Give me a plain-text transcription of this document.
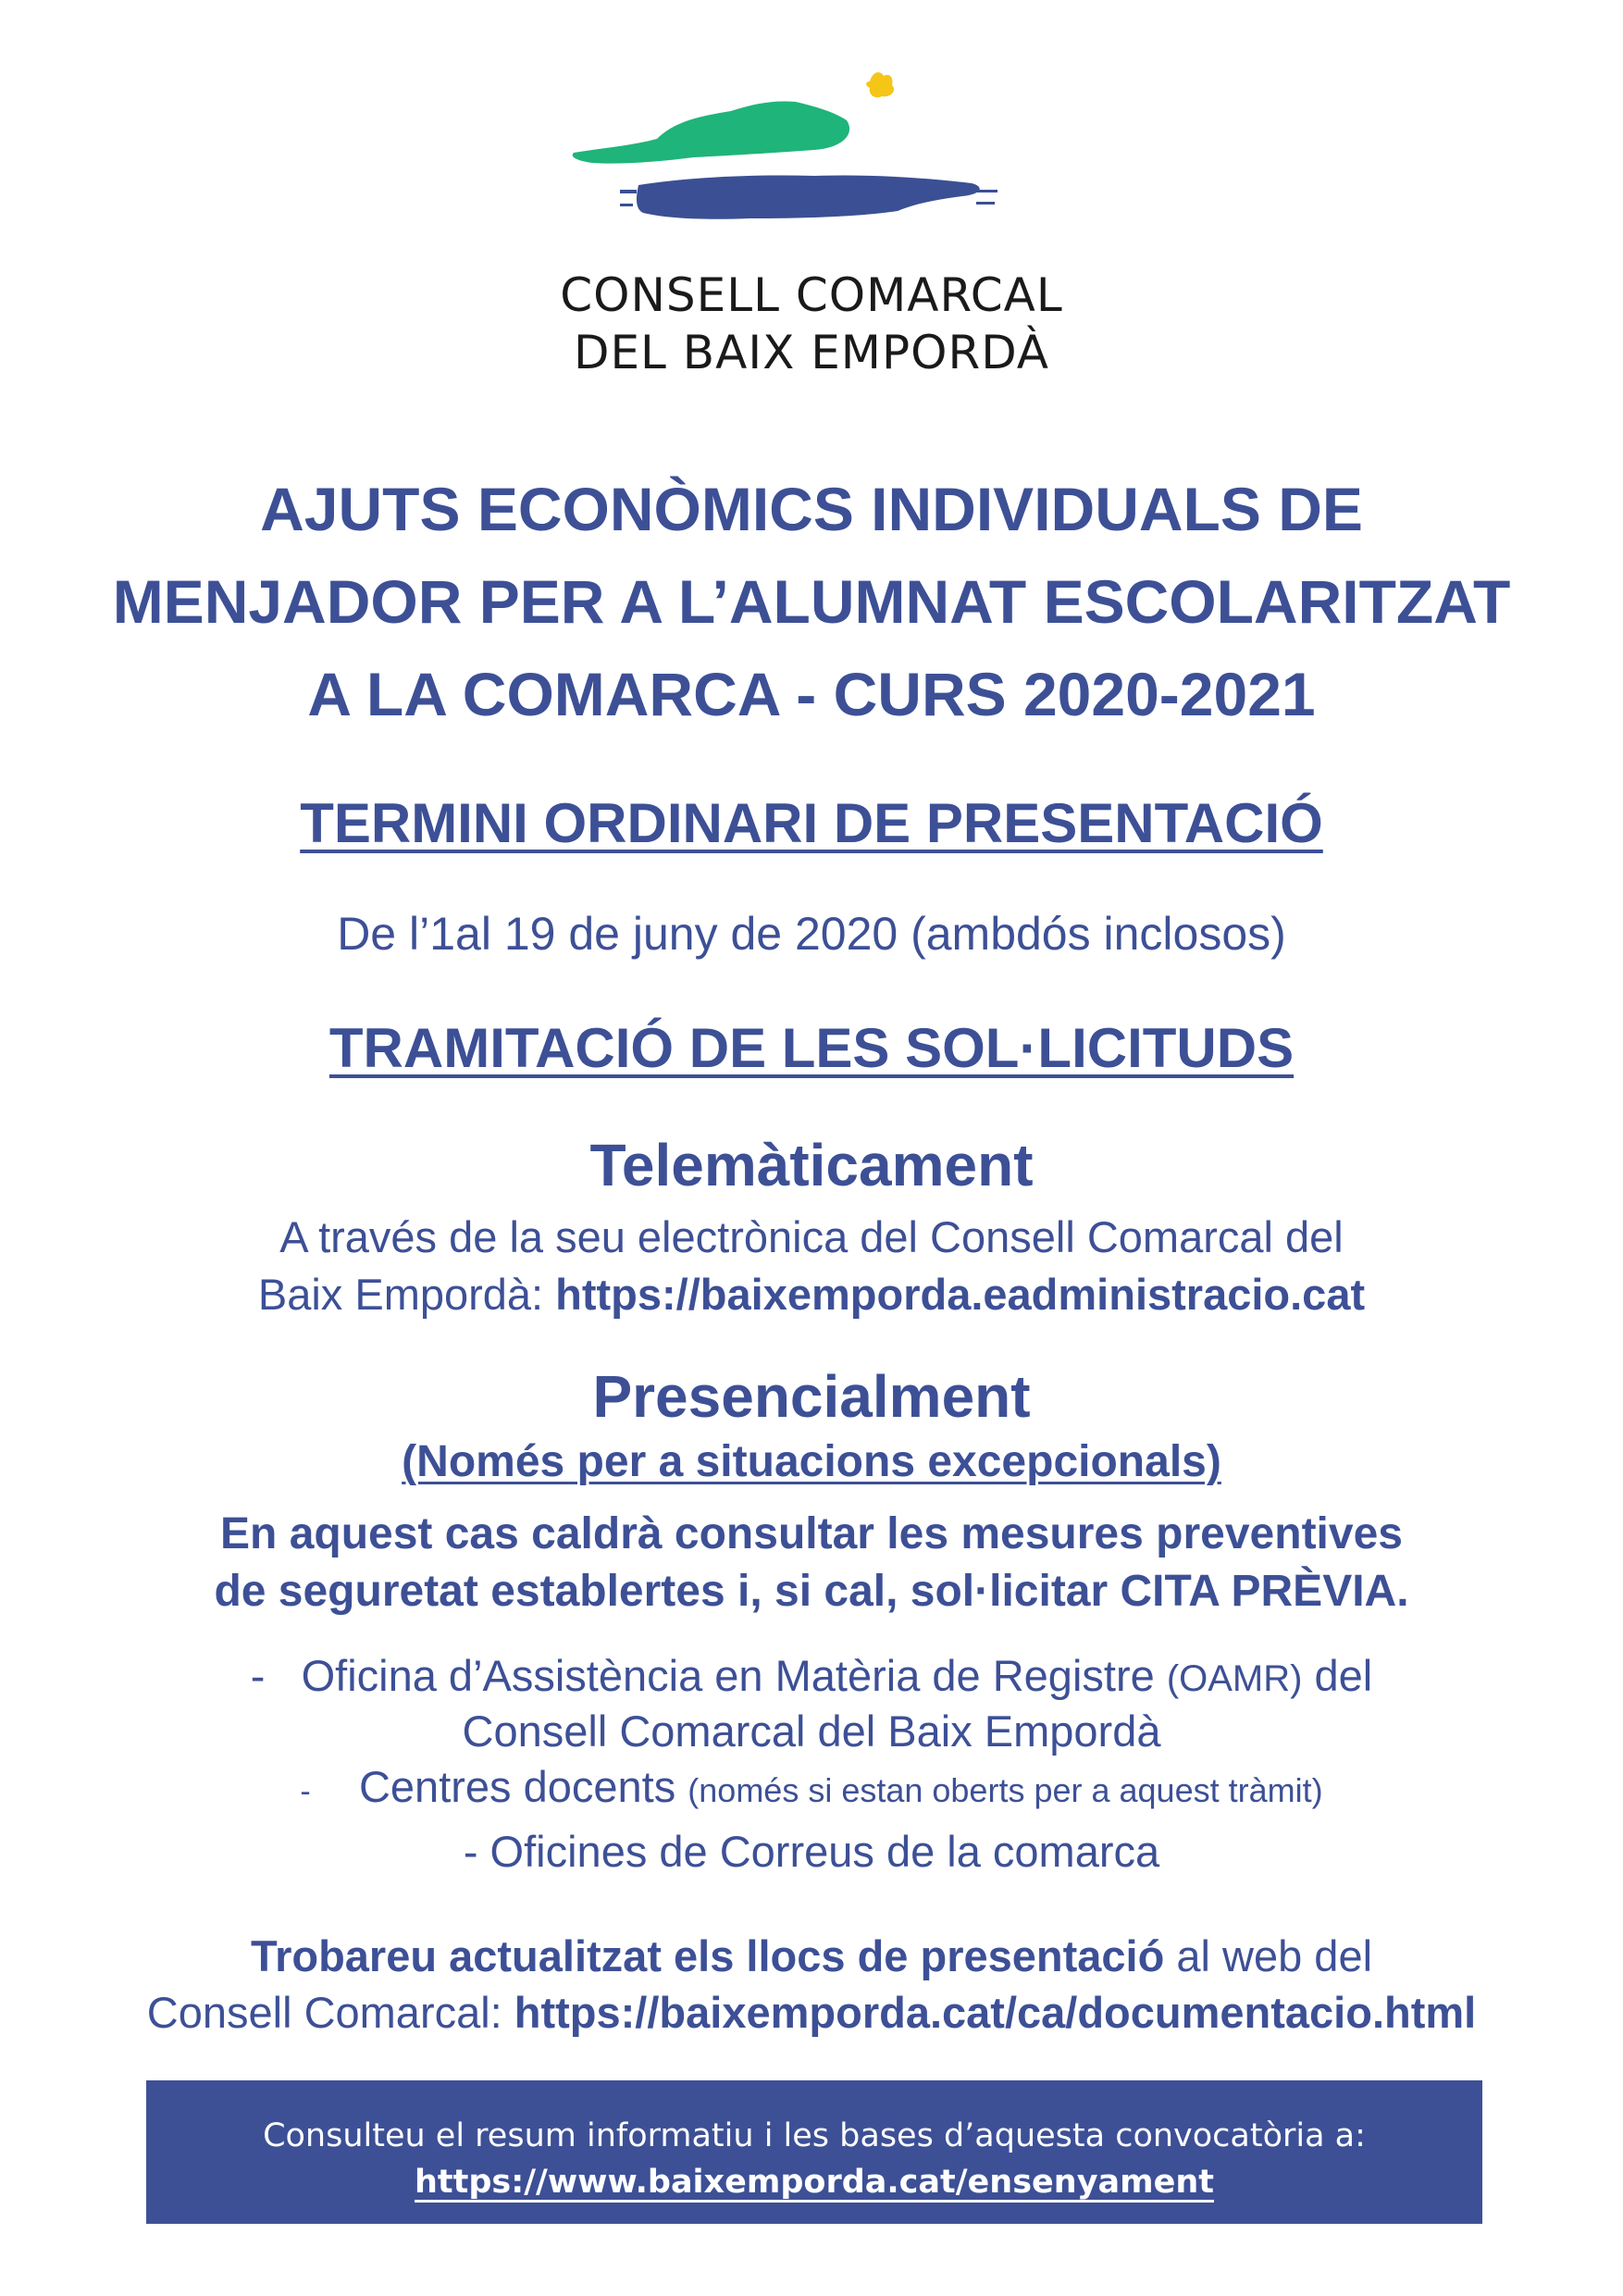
CONSELL COMARCAL
DEL BAIX EMPORDÀ
AJUTS ECONÒMICS INDIVIDUALS DE
MENJADOR PER A L’ALUMNAT ESCOLARITZAT
A LA COMARCA - CURS 2020-2021
TERMINI ORDINARI DE PRESENTACIÓ
De l’1al 19 de juny de 2020 (ambdós inclosos)
TRAMITACIÓ DE LES SOL·LICITUDS
Telemàticament
A través de la seu electrònica del Consell Comarcal del
Baix Empordà: https://baixemporda.eadministracio.cat
Presencialment
(Només per a situacions excepcionals)
En aquest cas caldrà consultar les mesures preventives
de seguretat establertes i, si cal, sol·licitar CITA PRÈVIA.
- Oficina d’Assistència en Matèria de Registre (OAMR) del
Consell Comarcal del Baix Empordà
- Centres docents (només si estan oberts per a aquest tràmit)
- Oficines de Correus de la comarca
Trobareu actualitzat els llocs de presentació al web del
Consell Comarcal: https://baixemporda.cat/ca/documentacio.html
Consulteu el resum informatiu i les bases d’aquesta convocatòria a:
https://www.baixemporda.cat/ensenyament
